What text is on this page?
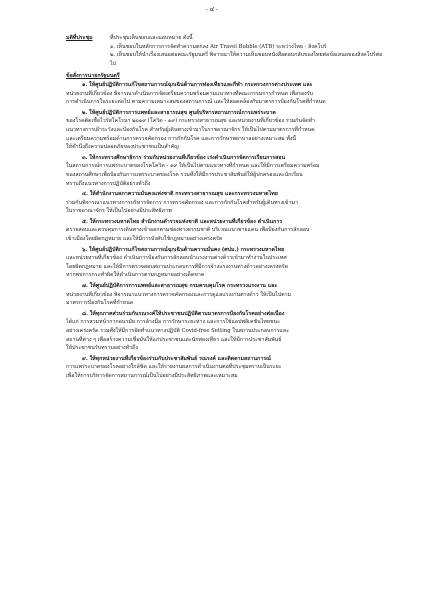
- ๔ -
มติที่ประชุม	ที่ประชุมเห็นชอบและมอบหมาย ดังนี้

๑. เห็นชอบในหลักการการจัดทำความตกลง Air Travel Bubble (ATB) ระหว่างไทย - สิงคโปร์

๒. เห็นชอบให้นำเรื่องเสนอต่อคณะรัฐมนตรี พิจารณาให้ความเห็นชอบหนังสือตอบกลับของไทยต่อข้อเสนอของสิงคโปร์ต่อไป

ข้อสั่งการนายกรัฐมนตรี

๑. ให้ศูนย์ปฏิบัติการแก้ไขสถานการณ์ฉุกเฉินด้านการท่องเที่ยวและกีฬา กระทรวงการต่างประเทศ และ
หน่วยงานที่เกี่ยวข้อง พิจารณาดำเนินการจัดเตรียมความพร้อมตามแนวทางที่คณะกรรมการกำหนด เพื่อรองรับ
การดำเนินการในระยะต่อไป ตามความเหมาะสมของสถานการณ์ และให้สอดคล้องกับมาตรการป้องกันโรคที่กำหนด
๒. ให้ศูนย์ปฏิบัติการการแพทย์และสาธารณสุข ศูนย์บริหารสถานการณ์การแพร่ระบาด
ของโรคติดเชื้อไวรัสโคโรนา ๒๐๑๙ (โควิด - ๑๙) กระทรวงสาธารณสุข และหน่วยงานที่เกี่ยวข้อง ร่วมกันจัดทำ
แนวทางการเฝ้าระวังและป้องกันโรค สำหรับผู้เดินทางเข้ามาในราชอาณาจักร ให้เป็นไปตามมาตรการที่กำหนด
และเตรียมความพร้อมด้านการตรวจคัดกรอง การกักกันโรค และการรักษาพยาบาลอย่างเหมาะสม ทั้งนี้
ให้คำนึงถึงความปลอดภัยของประชาชนเป็นสำคัญ
๓. ให้กระทรวงศึกษาธิการ ร่วมกับหน่วยงานที่เกี่ยวข้อง เร่งดำเนินการจัดการเรียนการสอน
ในสถานการณ์การแพร่ระบาดของโรคโควิด - ๑๙ ให้เป็นไปตามแนวทางที่กำหนด และให้มีการเตรียมความพร้อม
ของสถานศึกษาเพื่อป้องกันการแพร่ระบาดของโรค รวมทั้งให้มีการประชาสัมพันธ์ให้ผู้ปกครองและนักเรียน
ทราบถึงแนวทางการปฏิบัติอย่างทั่วถึง
๔. ให้สำนักงานสภาความมั่นคงแห่งชาติ กระทรวงสาธารณสุข และกระทรวงมหาดไทย
ร่วมกันพิจารณาแนวทางการบริหารจัดการ การตรวจคัดกรอง และการกักกันโรคสำหรับผู้เดินทางเข้ามา
ในราชอาณาจักร ให้เป็นไปอย่างมีประสิทธิภาพ
๕. ให้กระทรวงมหาดไทย สำนักงานตำรวจแห่งชาติ และหน่วยงานที่เกี่ยวข้อง ดำเนินการ
ตรวจสอบและควบคุมการเดินทางเข้าออกตามช่องทางธรรมชาติ บริเวณแนวชายแดน เพื่อป้องกันการลักลอบ
เข้าเมืองโดยผิดกฎหมาย และให้มีการบังคับใช้กฎหมายอย่างเคร่งครัด
๖. ให้ศูนย์ปฏิบัติการแก้ไขสถานการณ์ฉุกเฉินด้านความมั่นคง (ศปม.) กระทรวงมหาดไทย
และหน่วยงานที่เกี่ยวข้อง ดำเนินการป้องกันการลักลอบนำแรงงานต่างด้าวเข้ามาทำงานในประเทศ
โดยผิดกฎหมาย และให้มีการตรวจสอบสถานประกอบการที่มีการจ้างแรงงานต่างด้าวอย่างเคร่งครัด
หากพบการกระทำผิดให้ดำเนินการตามกฎหมายอย่างเด็ดขาด
๗. ให้ศูนย์ปฏิบัติการการแพทย์และสาธารณสุข กรมควบคุมโรค กระทรวงแรงงาน และ
หน่วยงานที่เกี่ยวข้อง พิจารณาแนวทางการตรวจคัดกรองและการดูแลแรงงานต่างด้าว ให้เป็นไปตาม
มาตรการป้องกันโรคที่กำหนด
๘. ให้ทุกภาคส่วนร่วมกันรณรงค์ให้ประชาชนปฏิบัติตามมาตรการป้องกันโรคอย่างต่อเนื่อง
ได้แก่ การสวมหน้ากากอนามัย การล้างมือ การรักษาระยะห่าง และการใช้แอปพลิเคชันไทยชนะ
อย่างเคร่งครัด รวมทั้งให้มีการจัดทำแนวทางปฏิบัติ Covid-free Setting ในสถานประกอบการและ
สถานที่ต่าง ๆ เพื่อสร้างความเชื่อมั่นให้แก่ประชาชนและนักท่องเที่ยว และให้มีการประชาสัมพันธ์
ให้ประชาชนรับทราบอย่างทั่วถึง
๙. ให้ทุกหน่วยงานที่เกี่ยวข้องร่วมกับประชาสัมพันธ์ รณรงค์ และติดตามสถานการณ์
การแพร่ระบาดของโรคอย่างใกล้ชิด และให้รายงานผลการดำเนินงานต่อที่ประชุมทราบเป็นระยะ
เพื่อให้การบริหารจัดการสถานการณ์เป็นไปอย่างมีประสิทธิภาพและเหมาะสม
